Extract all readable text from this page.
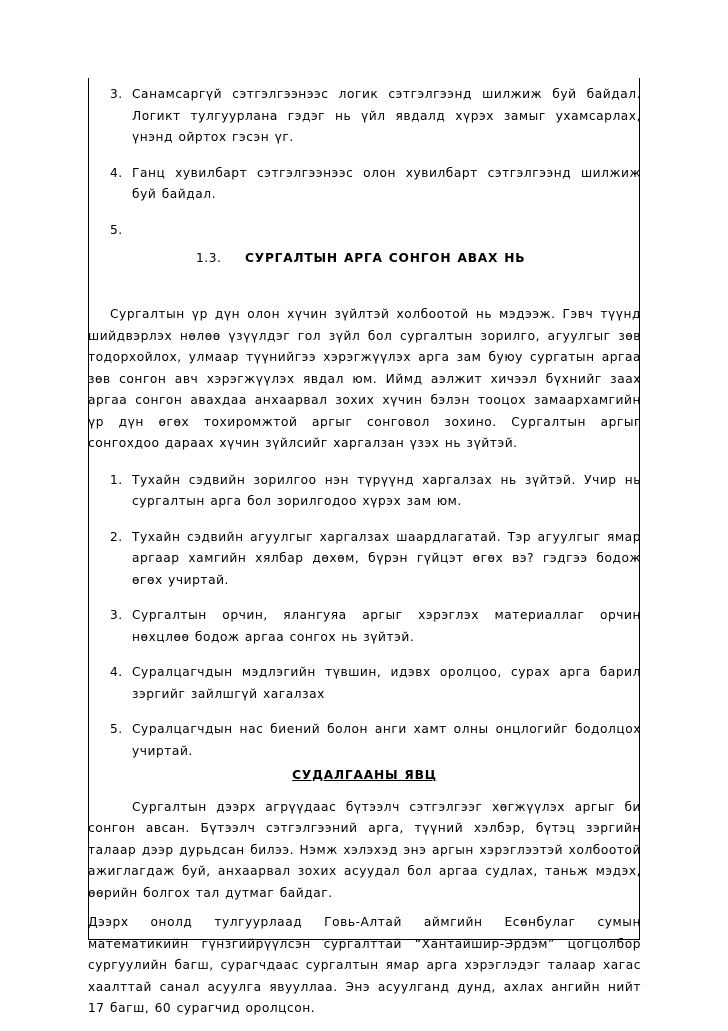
3. Санамсаргүй сэтгэлгээнээс логик сэтгэлгээнд шилжиж буй байдал. Логикт тулгуурлана гэдэг нь үйл явдалд хүрэх замыг ухамсарлах, үнэнд ойртох гэсэн үг.
4. Ганц хувилбарт сэтгэлгээнээс олон хувилбарт сэтгэлгээнд шилжиж буй байдал.
5.

1.3. СУРГАЛТЫН АРГА СОНГОН АВАХ НЬ

Сургалтын үр дүн олон хүчин зүйлтэй холбоотой нь мэдээж. Гэвч түүнд шийдвэрлэх нөлөө үзүүлдэг гол зүйл бол сургалтын зорилго, агуулгыг зөв тодорхойлох, улмаар түүнийгээ хэрэгжүүлэх арга зам буюу сургатын аргаа зөв сонгон авч хэрэгжүүлэх явдал юм. Иймд аэлжит хичээл бүхнийг заах аргаа сонгон авахдаа анхаарвал зохих хүчин бэлэн тооцох замаархамгийн үр дүн өгөх тохиромжтой аргыг сонговол зохино. Сургалтын аргыг сонгохдоо дараах хүчин зүйлсийг харгалзан үзэх нь зүйтэй.

1. Тухайн сэдвийн зорилгоо нэн түрүүнд харгалзах нь зүйтэй. Учир нь сургалтын арга бол зорилгодоо хүрэх зам юм.
2. Тухайн сэдвийн агуулгыг харгалзах шаардлагатай. Тэр агуулгыг ямар аргаар хамгийн хялбар дөхөм, бүрэн гүйцэт өгөх вэ? гэдгээ бодож өгөх учиртай.
3. Сургалтын орчин, ялангуяа аргыг хэрэглэх материаллаг орчин нөхцлөө бодож аргаа сонгох нь зүйтэй.
4. Суралцагчдын мэдлэгийн түвшин, идэвх оролцоо, сурах арга барил зэргийг зайлшгүй хагалзах
5. Суралцагчдын нас биений болон анги хамт олны онцлогийг бодолцох учиртай.

СУДАЛГААНЫ ЯВЦ

Сургалтын дээрх агрүүдаас бүтээлч сэтгэлгээг хөгжүүлэх аргыг би сонгон авсан. Бүтээлч сэтгэлгээний арга, түүний хэлбэр, бүтэц зэргийн талаар дээр дурьдсан билээ. Нэмж хэлэхэд энэ аргын хэрэглээтэй холбоотой ажиглагдаж буй, анхаарвал зохих асуудал бол аргаа судлах, таньж мэдэх, өөрийн болгох тал дутмаг байдаг.

Дээрх онолд тулгуурлаад Говь-Алтай аймгийн Есөнбулаг сумын математикийн гүнзгийрүүлсэн сургалттай “Хантайшир-Эрдэм” цогцолбор сургуулийн багш, сурагчдаас сургалтын ямар арга хэрэглэдэг талаар хагас хаалттай санал асуулга явууллаа. Энэ асуулганд дунд, ахлах ангийн нийт 17 багш, 60 сурагчид оролцсон.
